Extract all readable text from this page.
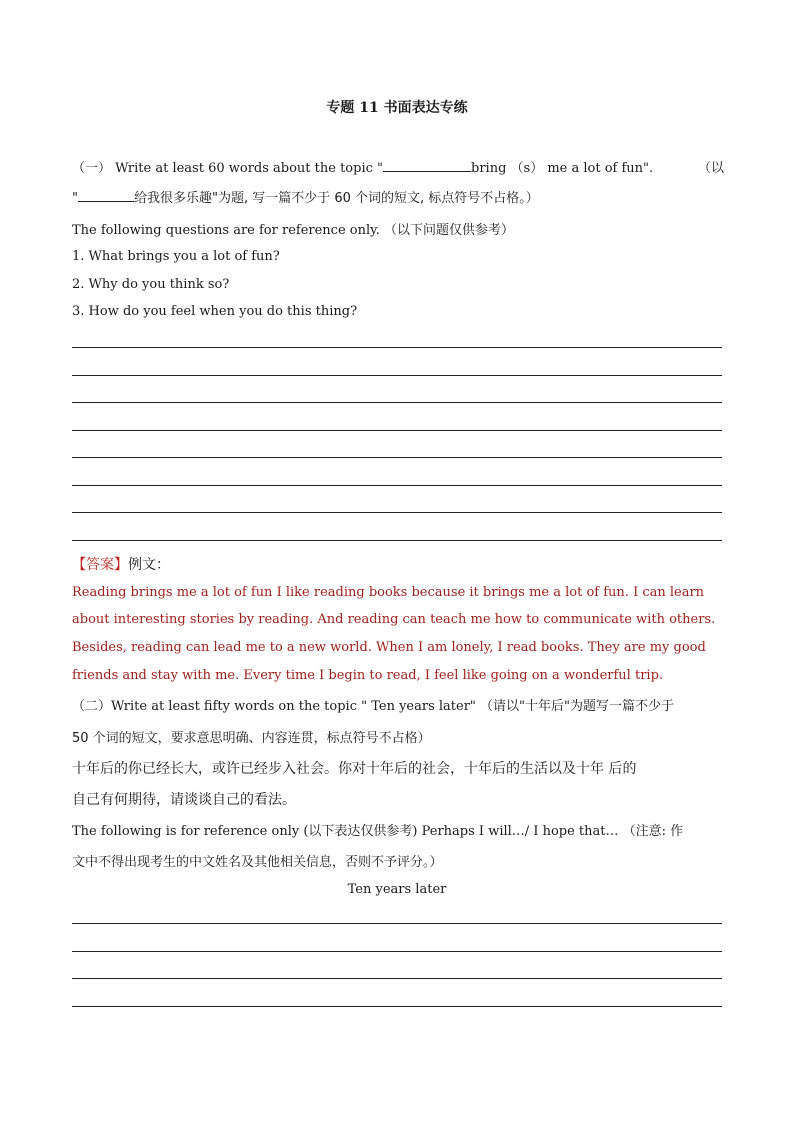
专题 11 书面表达专练
（一） Write at least 60 words about the topic "	bring （s） me a lot of fun".	（以
"	给我很多乐趣"为题, 写一篇不少于 60 个词的短文, 标点符号不占格。）
The following questions are for reference only. （以下问题仅供参考）
1. What brings you a lot of fun?
2. Why do you think so?
3. How do you feel when you do this thing?
【答案】例文：
Reading brings me a lot of fun I like reading books because it brings me a lot of fun. I can learn
about interesting stories by reading. And reading can teach me how to communicate with others.
Besides, reading can lead me to a new world. When I am lonely, I read books. They are my good
friends and stay with me. Every time I begin to read, I feel like going on a wonderful trip.
（二）Write at least fifty words on the topic " Ten years later" （请以"十年后"为题写一篇不少于
50 个词的短文，要求意思明确、内容连贯，标点符号不占格）
十年后的你已经长大，或许已经步入社会。你对十年后的社会，十年后的生活以及十年 后的
自己有何期待，请谈谈自己的看法。
The following is for reference only (以下表达仅供参考) Perhaps I will…/ I hope that… （注意: 作
文中不得出现考生的中文姓名及其他相关信息，否则不予评分。）
Ten years later
